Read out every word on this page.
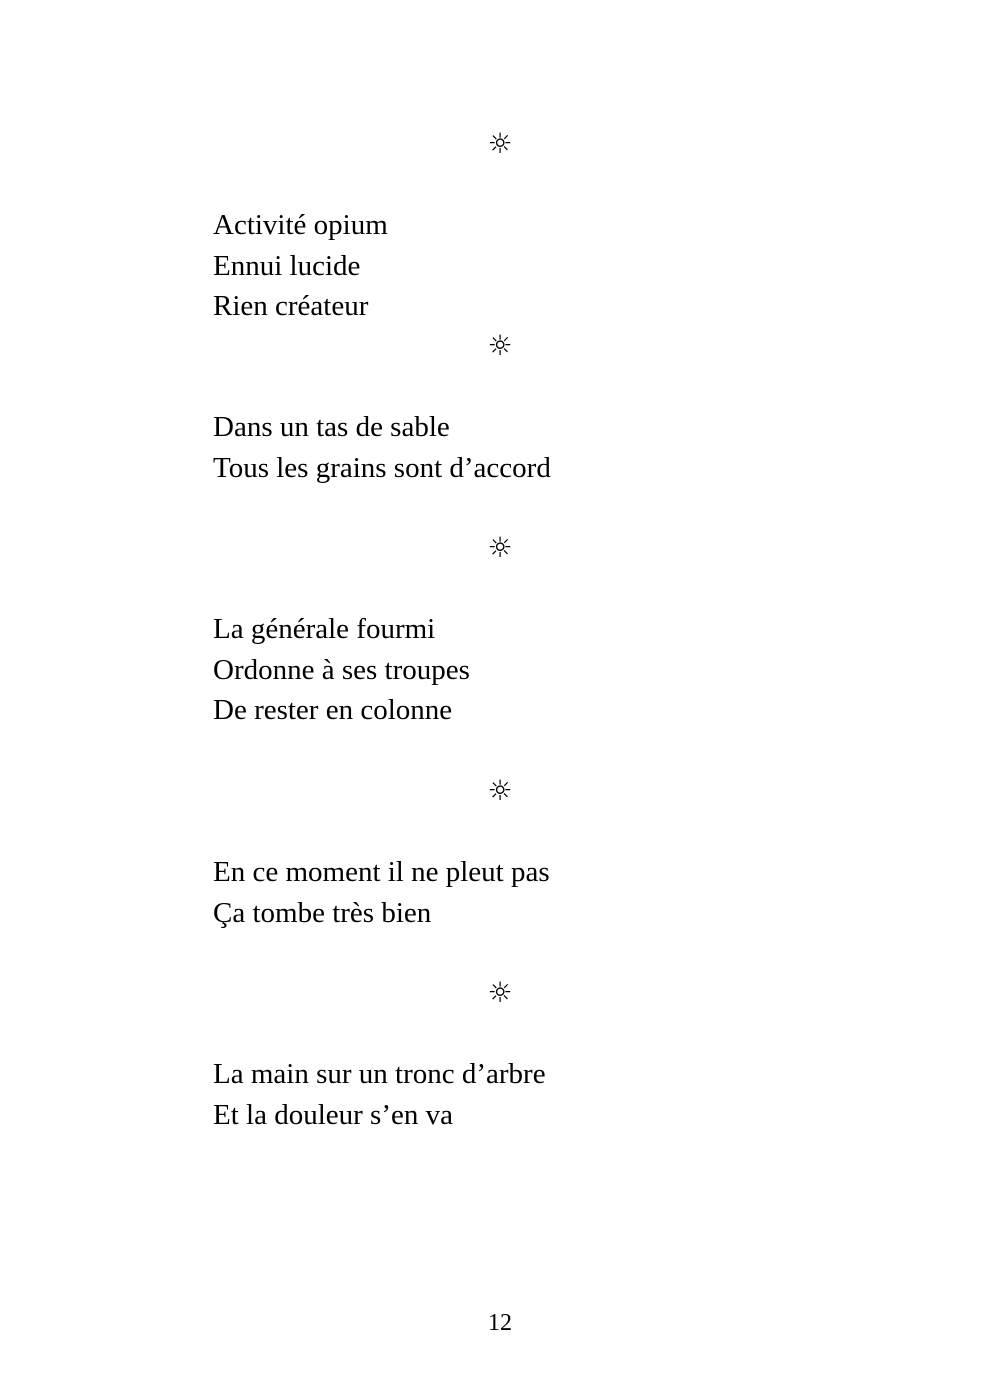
☼
Activité opium
Ennui lucide
Rien créateur
☼
Dans un tas de sable
Tous les grains sont d’accord
☼
La générale fourmi
Ordonne à ses troupes
De rester en colonne
☼
En ce moment il ne pleut pas
Ça tombe très bien
☼
La main sur un tronc d’arbre
Et la douleur s’en va
12
